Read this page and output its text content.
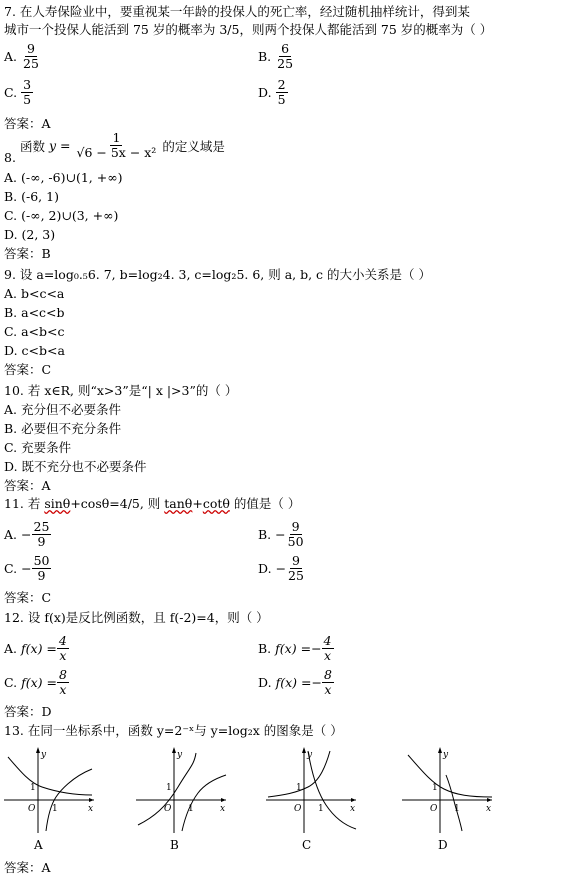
7. 在人寿保险业中，要重视某一年龄的投保人的死亡率，经过随机抽样统计，得到某
城市一个投保人能活到 75 岁的概率为 3/5，则两个投保人都能活到 75 岁的概率为（ ）
A. $\frac{9}{25}$	B. $\frac{6}{25}$
C. $\frac{3}{5}$	D. $\frac{2}{5}$
答案：A
函数
y =
$\frac{1}{\text{√6 − 5x − x²}}$
的定义域是
8.
A. (-∞, -6)∪(1, +∞)
B. (-6, 1)
C. (-∞, 2)∪(3, +∞)
D. (2, 3)
答案：B
9. 设 a=log₀.₅6. 7, b=log₂4. 3, c=log₂5. 6, 则 a, b, c 的大小关系是（ ）
A. b<c<a
B. a<c<b
C. a<b<c
D. c<b<a
答案：C
10. 若 x∈R, 则“x>3”是“| x |>3”的（ ）
A. 充分但不必要条件
B. 必要但不充分条件
C. 充要条件
D. 既不充分也不必要条件
答案：A
11. 若 sinθ+cosθ=4/5, 则 tanθ+cotθ 的值是（ ）
A. − $\frac{25}{9}$	B. − $\frac{9}{50}$
C. − $\frac{50}{9}$	D. − $\frac{9}{25}$
答案：C
12. 设 f(x)是反比例函数，且 f(-2)=4，则（ ）
A. $f(x) = \frac{4}{x}$	B. f(x) = − $\frac{4}{x}$
C. $f(x) = \frac{8}{x}$	D. f(x) = − $\frac{8}{x}$
答案：D
13. 在同一坐标系中，函数 y=2⁻ˣ与 y=log₂x 的图象是（ ）
y
x
O 1
1
A
y
x
O 1
1
B
y
x
O 1
1
C
y
x
O 1
1
D
答案：A
